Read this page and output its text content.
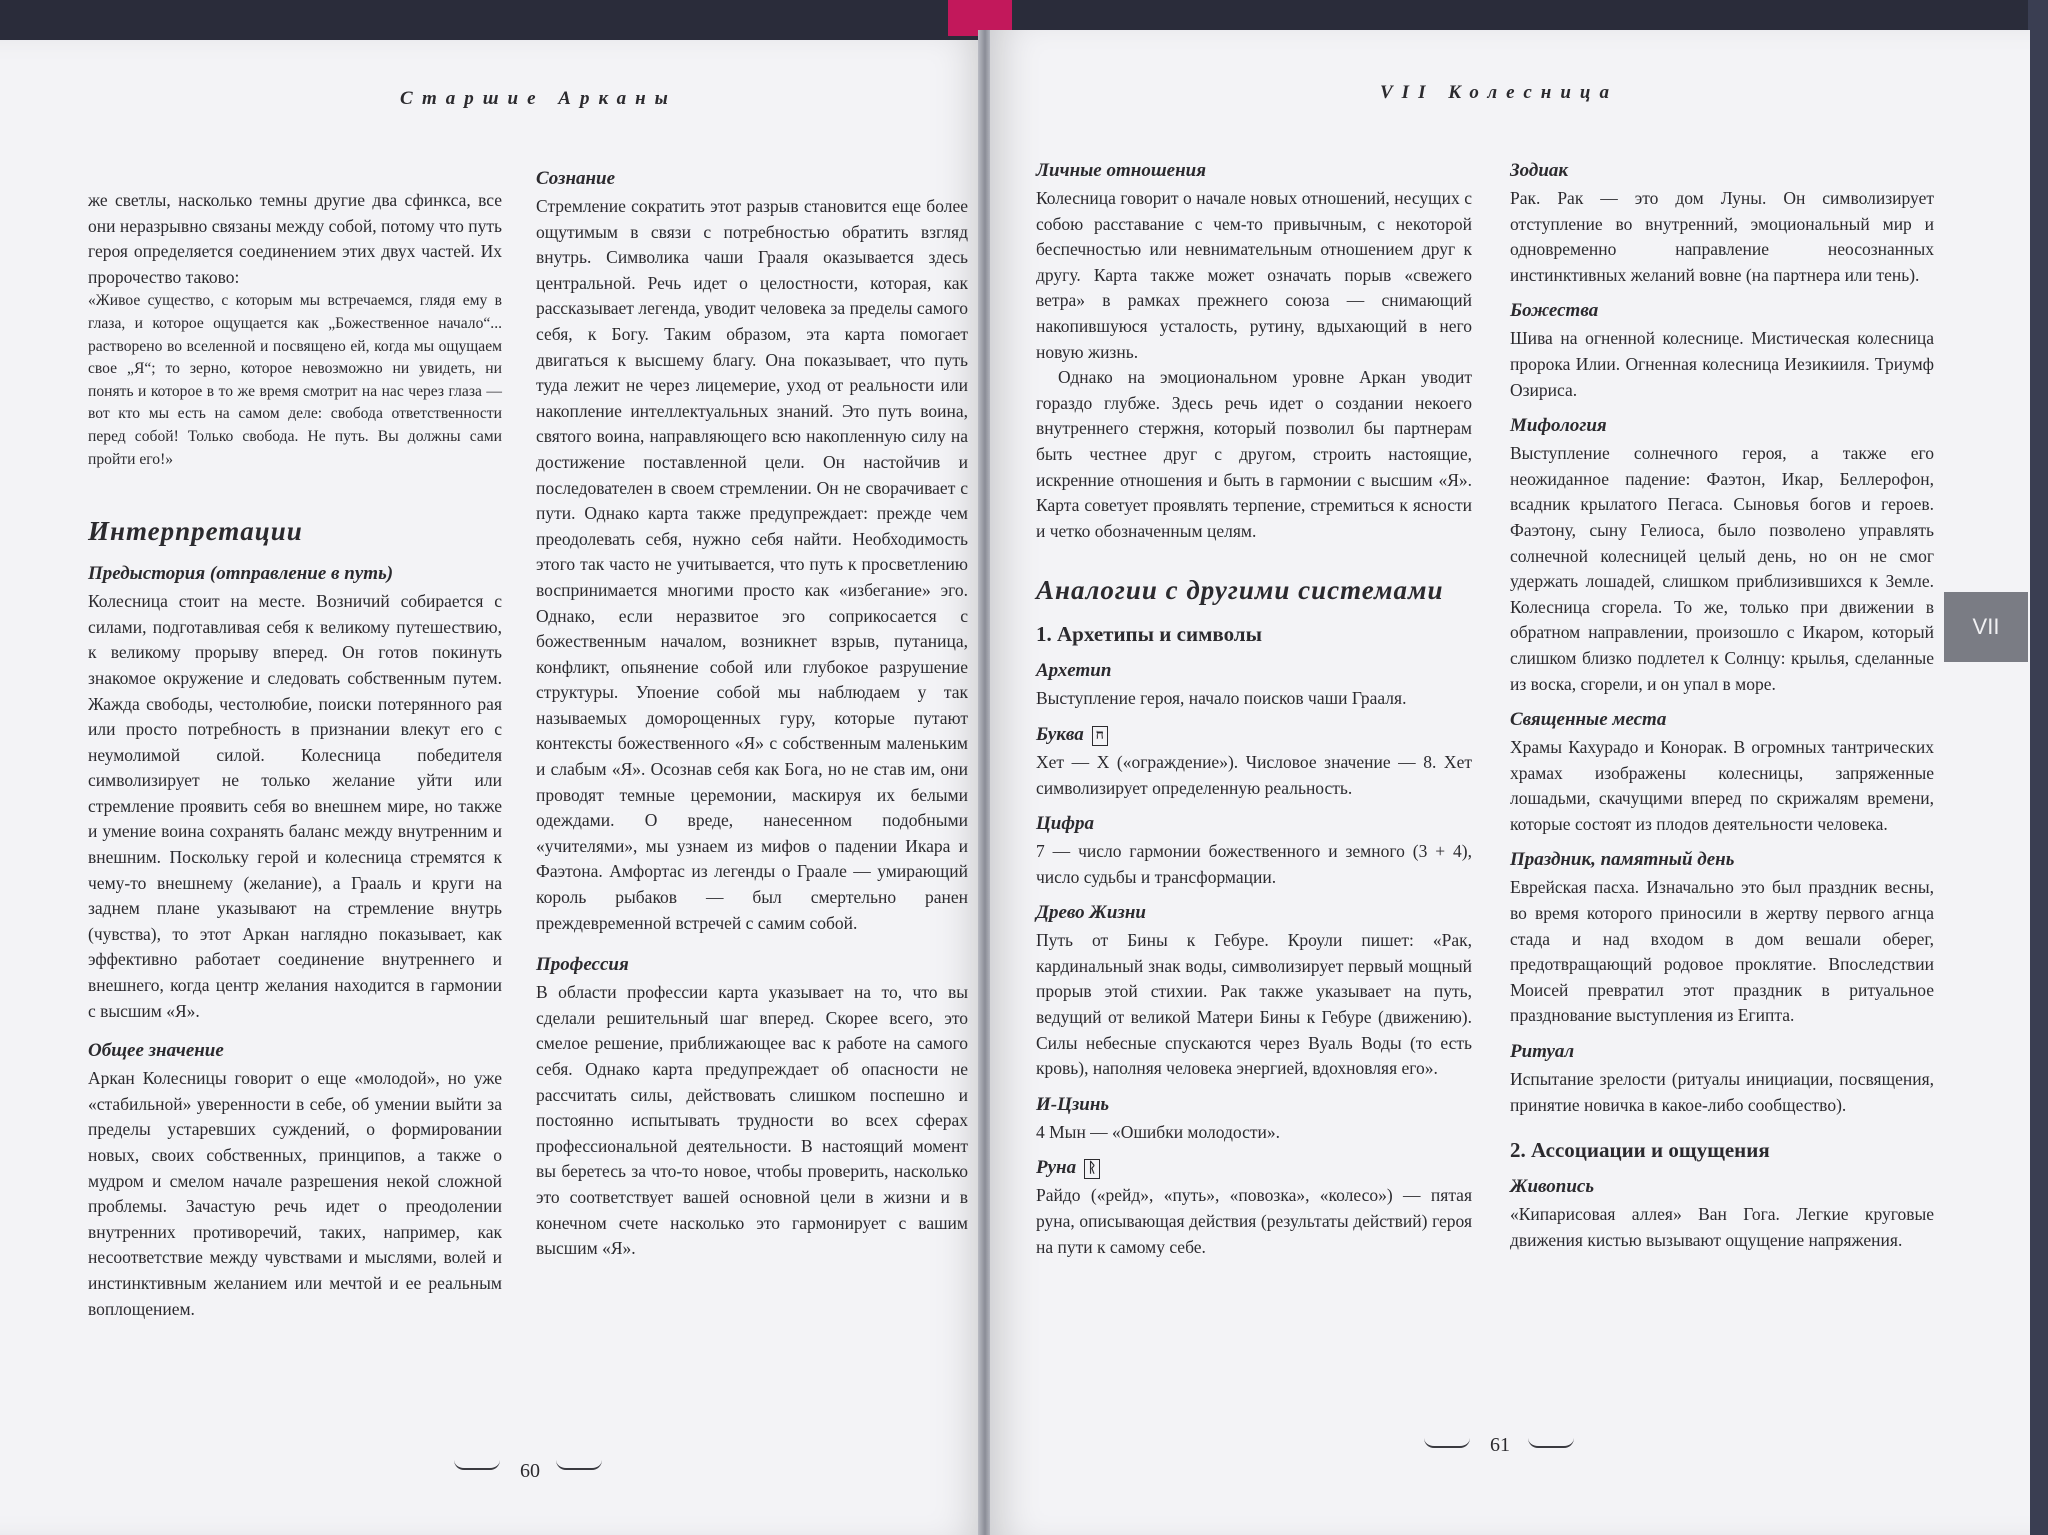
Старшие Арканы

же светлы, насколько темны другие два сфинкса, все они неразрывно связаны между собой, потому что путь героя определяется соединением этих двух частей. Их пророчество таково:

«Живое существо, с которым мы встречаемся, глядя ему в глаза, и которое ощущается как „Божественное начало“... растворено во вселенной и посвящено ей, когда мы ощущаем свое „Я“; то зерно, которое невозможно ни увидеть, ни понять и которое в то же время смотрит на нас через глаза — вот кто мы есть на самом деле: свобода ответственности перед собой! Только свобода. Не путь. Вы должны сами пройти его!»

Интерпретации
Предыстория (отправление в путь)

Колесница стоит на месте. Возничий собирается с силами, подготавливая себя к великому путешествию, к великому прорыву вперед. Он готов покинуть знакомое окружение и следовать собственным путем. Жажда свободы, честолюбие, поиски потерянного рая или просто потребность в признании влекут его с неумолимой силой. Колесница победителя символизирует не только желание уйти или стремление проявить себя во внешнем мире, но также и умение воина сохранять баланс между внутренним и внешним. Поскольку герой и колесница стремятся к чему-то внешнему (желание), а Грааль и круги на заднем плане указывают на стремление внутрь (чувства), то этот Аркан наглядно показывает, как эффективно работает соединение внутреннего и внешнего, когда центр желания находится в гармонии с высшим «Я».

Общее значение

Аркан Колесницы говорит о еще «молодой», но уже «стабильной» уверенности в себе, об умении выйти за пределы устаревших суждений, о формировании новых, своих собственных, принципов, а также о мудром и смелом начале разрешения некой сложной проблемы. Зачастую речь идет о преодолении внутренних противоречий, таких, например, как несоответствие между чувствами и мыслями, волей и инстинктивным желанием или мечтой и ее реальным воплощением.

Сознание

Стремление сократить этот разрыв становится еще более ощутимым в связи с потребностью обратить взгляд внутрь. Символика чаши Грааля оказывается здесь центральной. Речь идет о целостности, которая, как рассказывает легенда, уводит человека за пределы самого себя, к Богу. Таким образом, эта карта помогает двигаться к высшему благу. Она показывает, что путь туда лежит не через лицемерие, уход от реальности или накопление интеллектуальных знаний. Это путь воина, святого воина, направляющего всю накопленную силу на достижение поставленной цели. Он настойчив и последователен в своем стремлении. Он не сворачивает с пути. Однако карта также предупреждает: прежде чем преодолевать себя, нужно себя найти. Необходимость этого так часто не учитывается, что путь к просветлению воспринимается многими просто как «избегание» эго. Однако, если неразвитое эго соприкосается с божественным началом, возникнет взрыв, путаница, конфликт, опьянение собой или глубокое разрушение структуры. Упоение собой мы наблюдаем у так называемых доморощенных гуру, которые путают контексты божественного «Я» с собственным маленьким и слабым «Я». Осознав себя как Бога, но не став им, они проводят темные церемонии, маскируя их белыми одеждами. О вреде, нанесенном подобными «учителями», мы узнаем из мифов о падении Икара и Фаэтона. Амфортас из легенды о Граале — умирающий король рыбаков — был смертельно ранен преждевременной встречей с самим собой.

Профессия

В области профессии карта указывает на то, что вы сделали решительный шаг вперед. Скорее всего, это смелое решение, приближающее вас к работе на самого себя. Однако карта предупреждает об опасности не рассчитать силы, действовать слишком поспешно и постоянно испытывать трудности во всех сферах профессиональной деятельности. В настоящий момент вы беретесь за что-то новое, чтобы проверить, насколько это соответствует вашей основной цели в жизни и в конечном счете насколько это гармонирует с вашим высшим «Я».

60
VII Колесница
Личные отношения

Колесница говорит о начале новых отношений, несущих с собою расставание с чем-то привычным, с некоторой беспечностью или невнимательным отношением друг к другу. Карта также может означать порыв «свежего ветра» в рамках прежнего союза — снимающий накопившуюся усталость, рутину, вдыхающий в него новую жизнь.

Однако на эмоциональном уровне Аркан уводит гораздо глубже. Здесь речь идет о создании некоего внутреннего стержня, который позволил бы партнерам быть честнее друг с другом, строить настоящие, искренние отношения и быть в гармонии с высшим «Я». Карта советует проявлять терпение, стремиться к ясности и четко обозначенным целям.

Аналогии с другими системами
1. Архетипы и символы
Архетип

Выступление героя, начало поисков чаши Грааля.

Буква ח

Хет — Х («ограждение»). Числовое значение — 8. Хет символизирует определенную реальность.

Цифра

7 — число гармонии божественного и земного (3 + 4), число судьбы и трансформации.

Древо Жизни

Путь от Бины к Гебуре. Кроули пишет: «Рак, кардинальный знак воды, символизирует первый мощный прорыв этой стихии. Рак также указывает на путь, ведущий от великой Матери Бины к Гебуре (движению). Силы небесные спускаются через Вуаль Воды (то есть кровь), наполняя человека энергией, вдохновляя его».

И-Цзинь

4 Мын — «Ошибки молодости».

Руна ᚱ

Райдо («рейд», «путь», «повозка», «колесо») — пятая руна, описывающая действия (результаты действий) героя на пути к самому себе.

Зодиак

Рак. Рак — это дом Луны. Он символизирует отступление во внутренний, эмоциональный мир и одновременно направление неосознанных инстинктивных желаний вовне (на партнера или тень).

Божества

Шива на огненной колеснице. Мистическая колесница пророка Илии. Огненная колесница Иезикииля. Триумф Озириса.

Мифология

Выступление солнечного героя, а также его неожиданное падение: Фаэтон, Икар, Беллерофон, всадник крылатого Пегаса. Сыновья богов и героев. Фаэтону, сыну Гелиоса, было позволено управлять солнечной колесницей целый день, но он не смог удержать лошадей, слишком приблизившихся к Земле. Колесница сгорела. То же, только при движении в обратном направлении, произошло с Икаром, который слишком близко подлетел к Солнцу: крылья, сделанные из воска, сгорели, и он упал в море.

Священные места

Храмы Кахурадо и Конорак. В огромных тантрических храмах изображены колесницы, запряженные лошадьми, скачущими вперед по скрижалям времени, которые состоят из плодов деятельности человека.

Праздник, памятный день

Еврейская пасха. Изначально это был праздник весны, во время которого приносили в жертву первого агнца стада и над входом в дом вешали оберег, предотвращающий родовое проклятие. Впоследствии Моисей превратил этот праздник в ритуальное празднование выступления из Египта.

Ритуал

Испытание зрелости (ритуалы инициации, посвящения, принятие новичка в какое-либо сообщество).

2. Ассоциации и ощущения
Живопись

«Кипарисовая аллея» Ван Гога. Легкие круговые движения кистью вызывают ощущение напряжения.

61
VII
